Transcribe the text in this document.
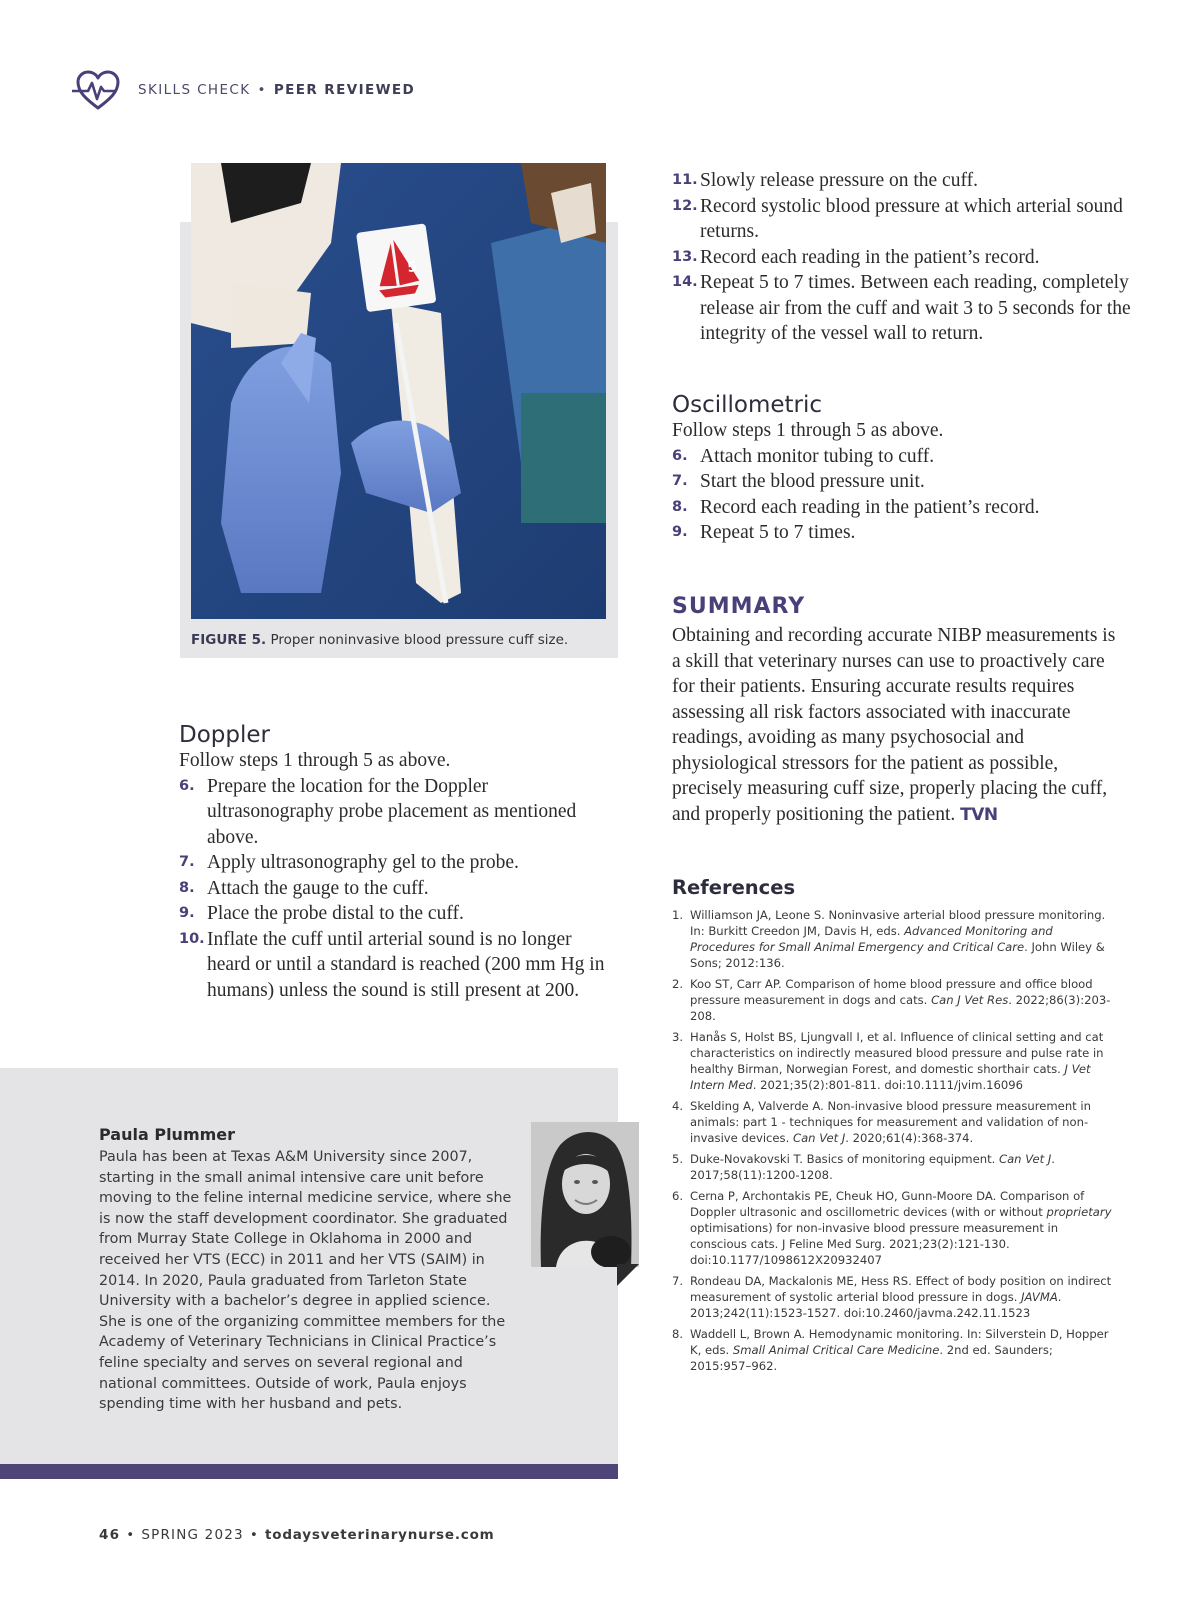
SKILLS CHECK • PEER REVIEWED
5
FIGURE 5. Proper noninvasive blood pressure cuff size.
Doppler
Follow steps 1 through 5 as above.
6. Prepare the location for the Doppler ultrasonography probe placement as mentioned above.
7. Apply ultrasonography gel to the probe.
8. Attach the gauge to the cuff.
9. Place the probe distal to the cuff.
10. Inflate the cuff until arterial sound is no longer heard or until a standard is reached (200 mm Hg in humans) unless the sound is still present at 200.
11. Slowly release pressure on the cuff.
12. Record systolic blood pressure at which arterial sound returns.
13. Record each reading in the patient’s record.
14. Repeat 5 to 7 times. Between each reading, completely release air from the cuff and wait 3 to 5 seconds for the integrity of the vessel wall to return.
Oscillometric
Follow steps 1 through 5 as above.
6. Attach monitor tubing to cuff.
7. Start the blood pressure unit.
8. Record each reading in the patient’s record.
9. Repeat 5 to 7 times.
SUMMARY
Obtaining and recording accurate NIBP measurements is a skill that veterinary nurses can use to proactively care for their patients. Ensuring accurate results requires assessing all risk factors associated with inaccurate readings, avoiding as many psychosocial and physiological stressors for the patient as possible, precisely measuring cuff size, properly placing the cuff, and properly positioning the patient. TVN
References
1. Williamson JA, Leone S. Noninvasive arterial blood pressure monitoring. In: Burkitt Creedon JM, Davis H, eds. Advanced Monitoring and Procedures for Small Animal Emergency and Critical Care. John Wiley & Sons; 2012:136.
2. Koo ST, Carr AP. Comparison of home blood pressure and office blood pressure measurement in dogs and cats. Can J Vet Res. 2022;86(3):203-208.
3. Hanås S, Holst BS, Ljungvall I, et al. Influence of clinical setting and cat characteristics on indirectly measured blood pressure and pulse rate in healthy Birman, Norwegian Forest, and domestic shorthair cats. J Vet Intern Med. 2021;35(2):801-811. doi:10.1111/jvim.16096
4. Skelding A, Valverde A. Non-invasive blood pressure measurement in animals: part 1 - techniques for measurement and validation of non-invasive devices. Can Vet J. 2020;61(4):368-374.
5. Duke-Novakovski T. Basics of monitoring equipment. Can Vet J. 2017;58(11):1200-1208.
6. Cerna P, Archontakis PE, Cheuk HO, Gunn-Moore DA. Comparison of Doppler ultrasonic and oscillometric devices (with or without proprietary optimisations) for non-invasive blood pressure measurement in conscious cats. J Feline Med Surg. 2021;23(2):121-130. doi:10.1177/1098612X20932407
7. Rondeau DA, Mackalonis ME, Hess RS. Effect of body position on indirect measurement of systolic arterial blood pressure in dogs. JAVMA. 2013;242(11):1523-1527. doi:10.2460/javma.242.11.1523
8. Waddell L, Brown A. Hemodynamic monitoring. In: Silverstein D, Hopper K, eds. Small Animal Critical Care Medicine. 2nd ed. Saunders; 2015:957–962.
Paula Plummer
Paula has been at Texas A&M University since 2007, starting in the small animal intensive care unit before moving to the feline internal medicine service, where she is now the staff development coordinator. She graduated from Murray State College in Oklahoma in 2000 and received her VTS (ECC) in 2011 and her VTS (SAIM) in 2014. In 2020, Paula graduated from Tarleton State University with a bachelor’s degree in applied science. She is one of the organizing committee members for the Academy of Veterinary Technicians in Clinical Practice’s feline specialty and serves on several regional and national committees. Outside of work, Paula enjoys spending time with her husband and pets.
46 • SPRING 2023 • todaysveterinarynurse.com
